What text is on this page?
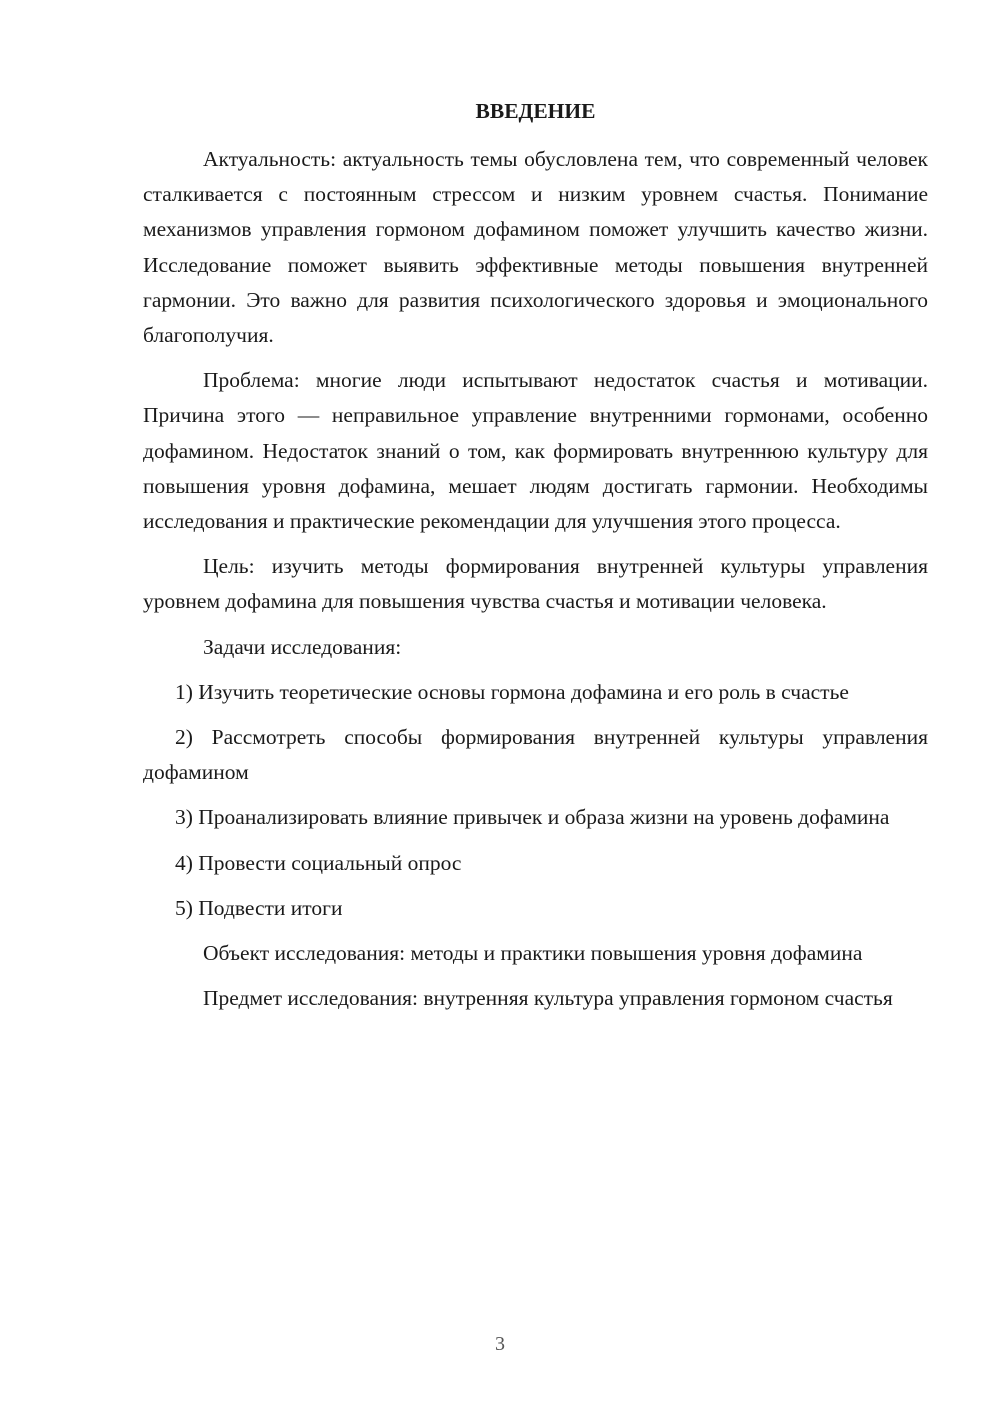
ВВЕДЕНИЕ

Актуальность: актуальность темы обусловлена тем, что современный человек сталкивается с постоянным стрессом и низким уровнем счастья. Понимание механизмов управления гормоном дофамином поможет улучшить качество жизни. Исследование поможет выявить эффективные методы повышения внутренней гармонии. Это важно для развития психологического здоровья и эмоционального благополучия.

Проблема: многие люди испытывают недостаток счастья и мотивации. Причина этого — неправильное управление внутренними гормонами, особенно дофамином. Недостаток знаний о том, как формировать внутреннюю культуру для повышения уровня дофамина, мешает людям достигать гармонии. Необходимы исследования и практические рекомендации для улучшения этого процесса.

Цель: изучить методы формирования внутренней культуры управления уровнем дофамина для повышения чувства счастья и мотивации человека.

Задачи исследования:

1) Изучить теоретические основы гормона дофамина и его роль в счастье

2) Рассмотреть способы формирования внутренней культуры управления дофамином

3) Проанализировать влияние привычек и образа жизни на уровень дофамина

4) Провести социальный опрос

5) Подвести итоги

Объект исследования: методы и практики повышения уровня дофамина

Предмет исследования: внутренняя культура управления гормоном счастья

3
